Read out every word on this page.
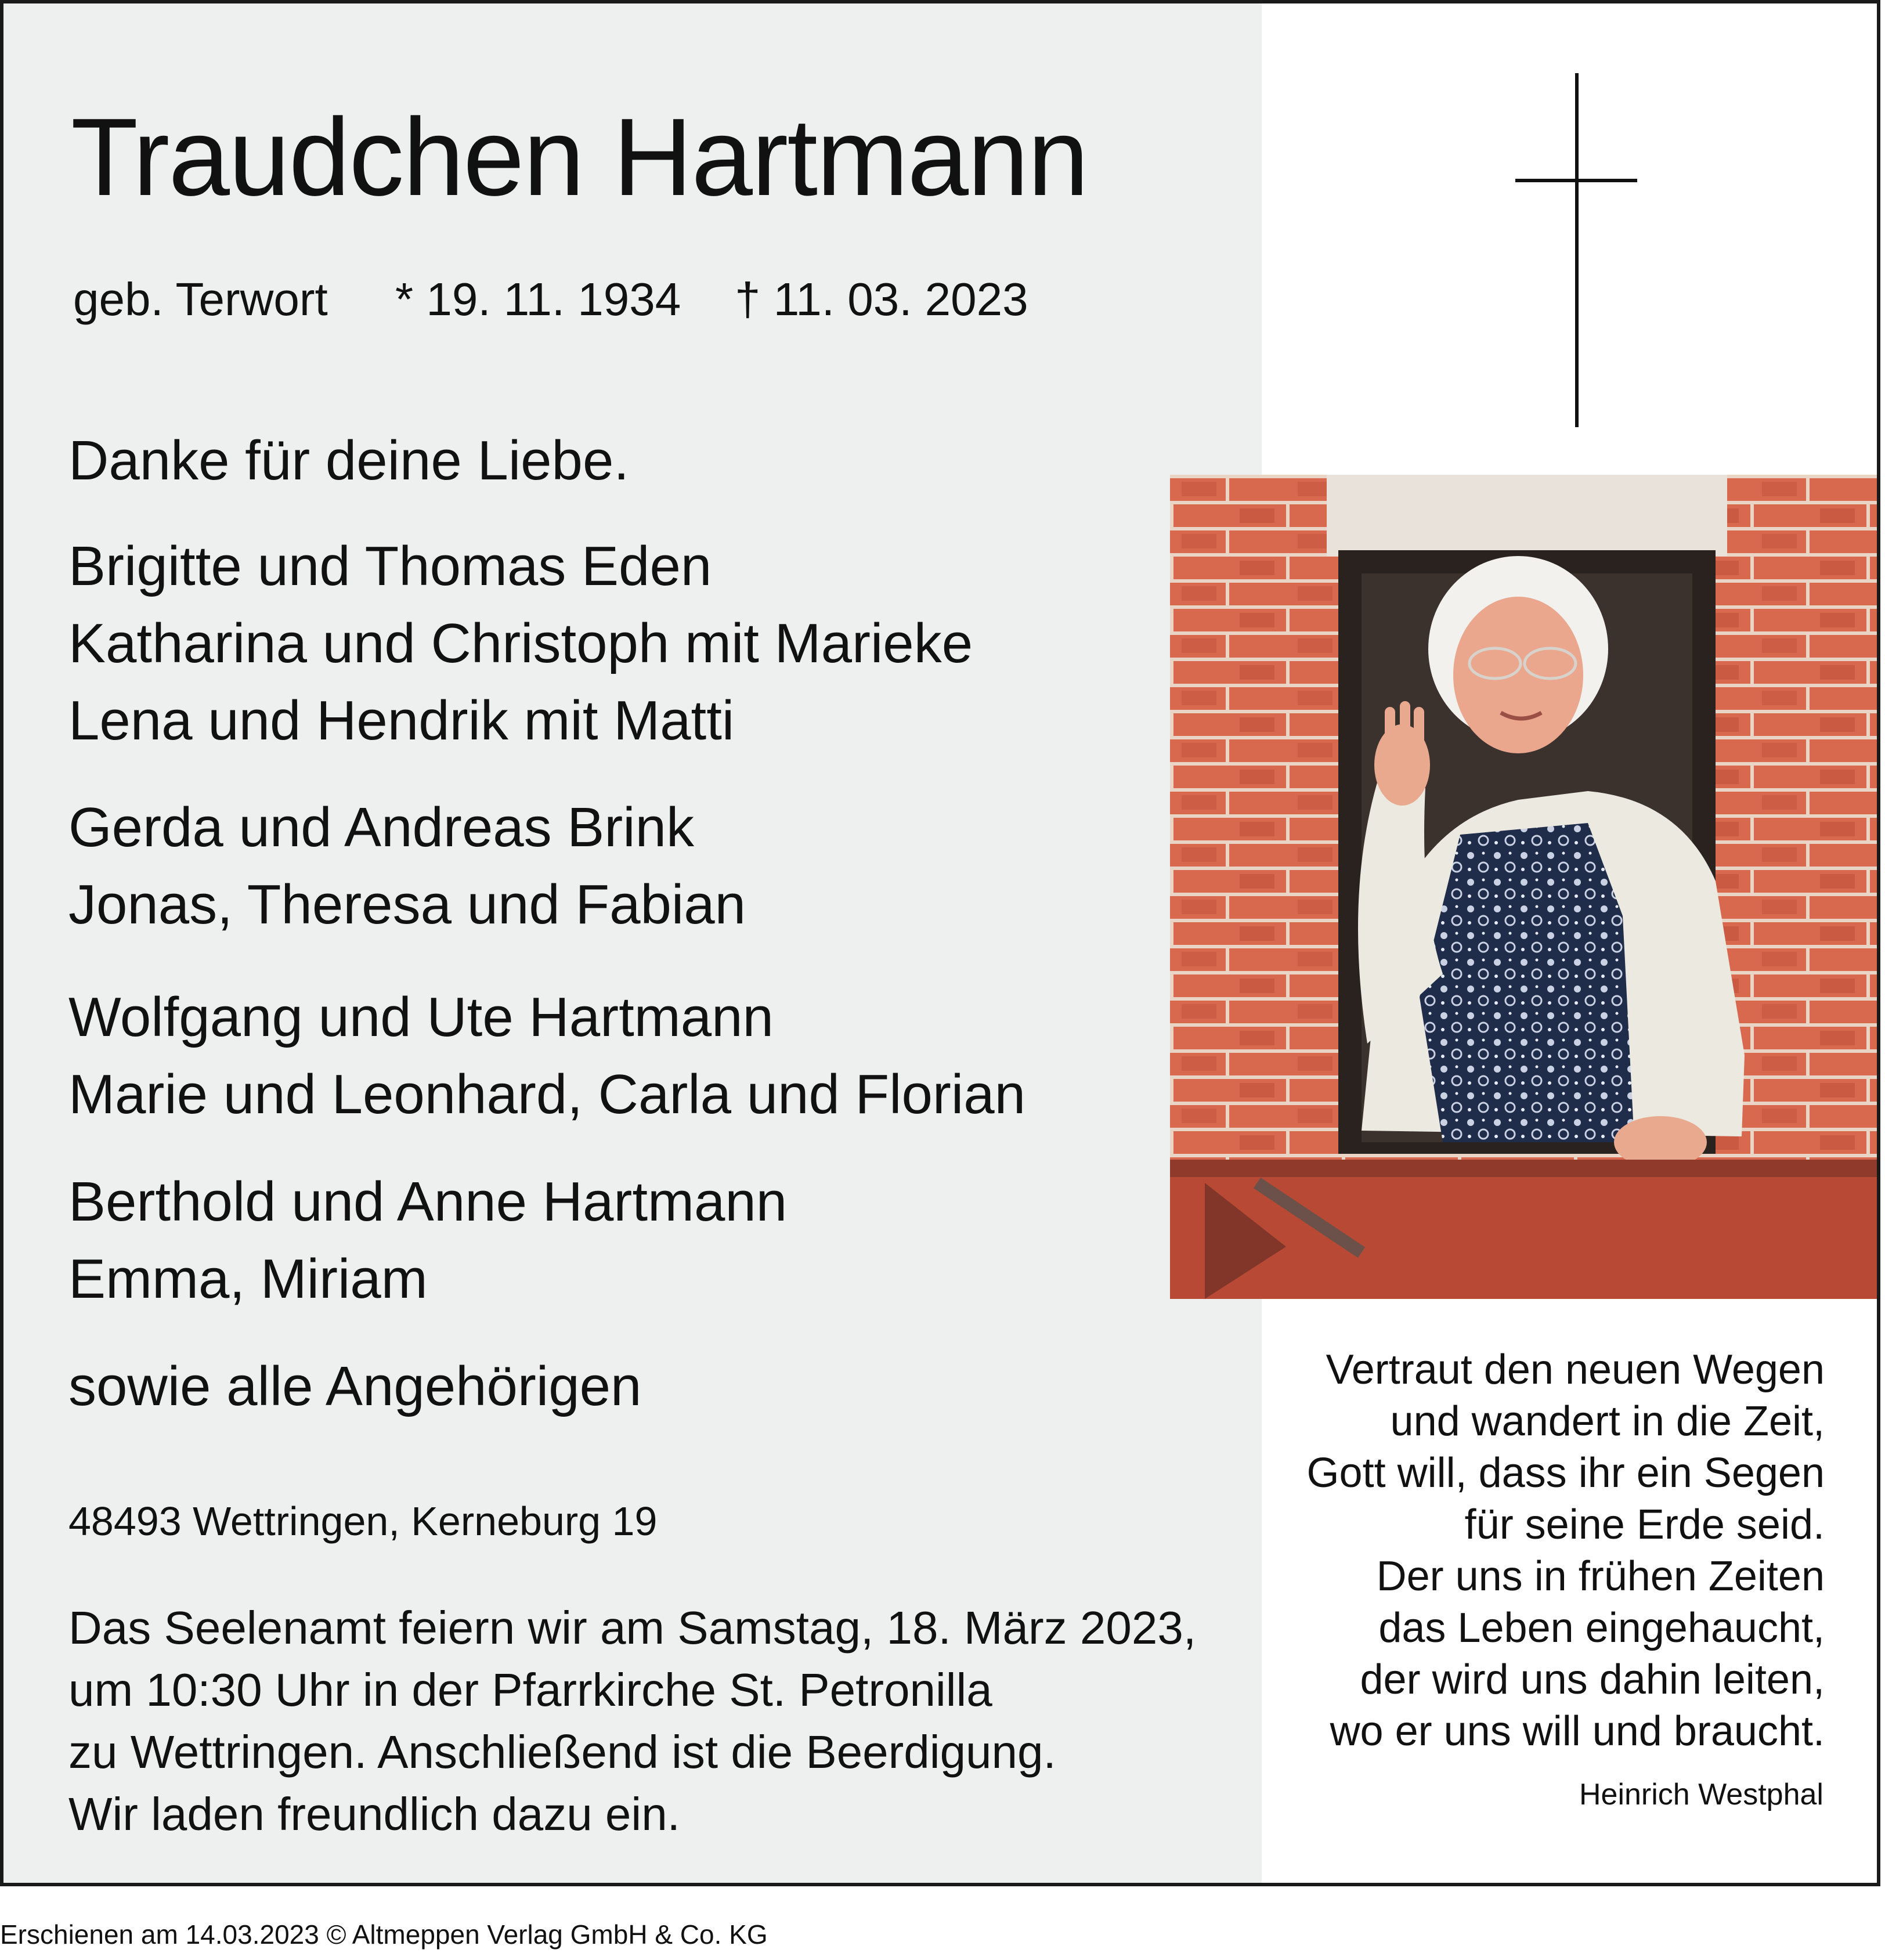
Traudchen Hartmann

geb. Terwort

* 19. 11. 1934

† 11. 03. 2023

Danke für deine Liebe.
Brigitte und Thomas Eden
Katharina und Christoph mit Marieke
Lena und Hendrik mit Matti
Gerda und Andreas Brink
Jonas, Theresa und Fabian
Wolfgang und Ute Hartmann
Marie und Leonhard, Carla und Florian
Berthold und Anne Hartmann
Emma, Miriam
sowie alle Angehörigen
48493 Wettringen, Kerneburg 19
Das Seelenamt feiern wir am Samstag, 18. März 2023,
um 10:30 Uhr in der Pfarrkirche St. Petronilla
zu Wettringen. Anschließend ist die Beerdigung.
Wir laden freundlich dazu ein.
Vertraut den neuen Wegen
und wandert in die Zeit,
Gott will, dass ihr ein Segen
für seine Erde seid.
Der uns in frühen Zeiten
das Leben eingehaucht,
der wird uns dahin leiten,
wo er uns will und braucht.
Heinrich Westphal
Erschienen am 14.03.2023 © Altmeppen Verlag GmbH & Co. KG
